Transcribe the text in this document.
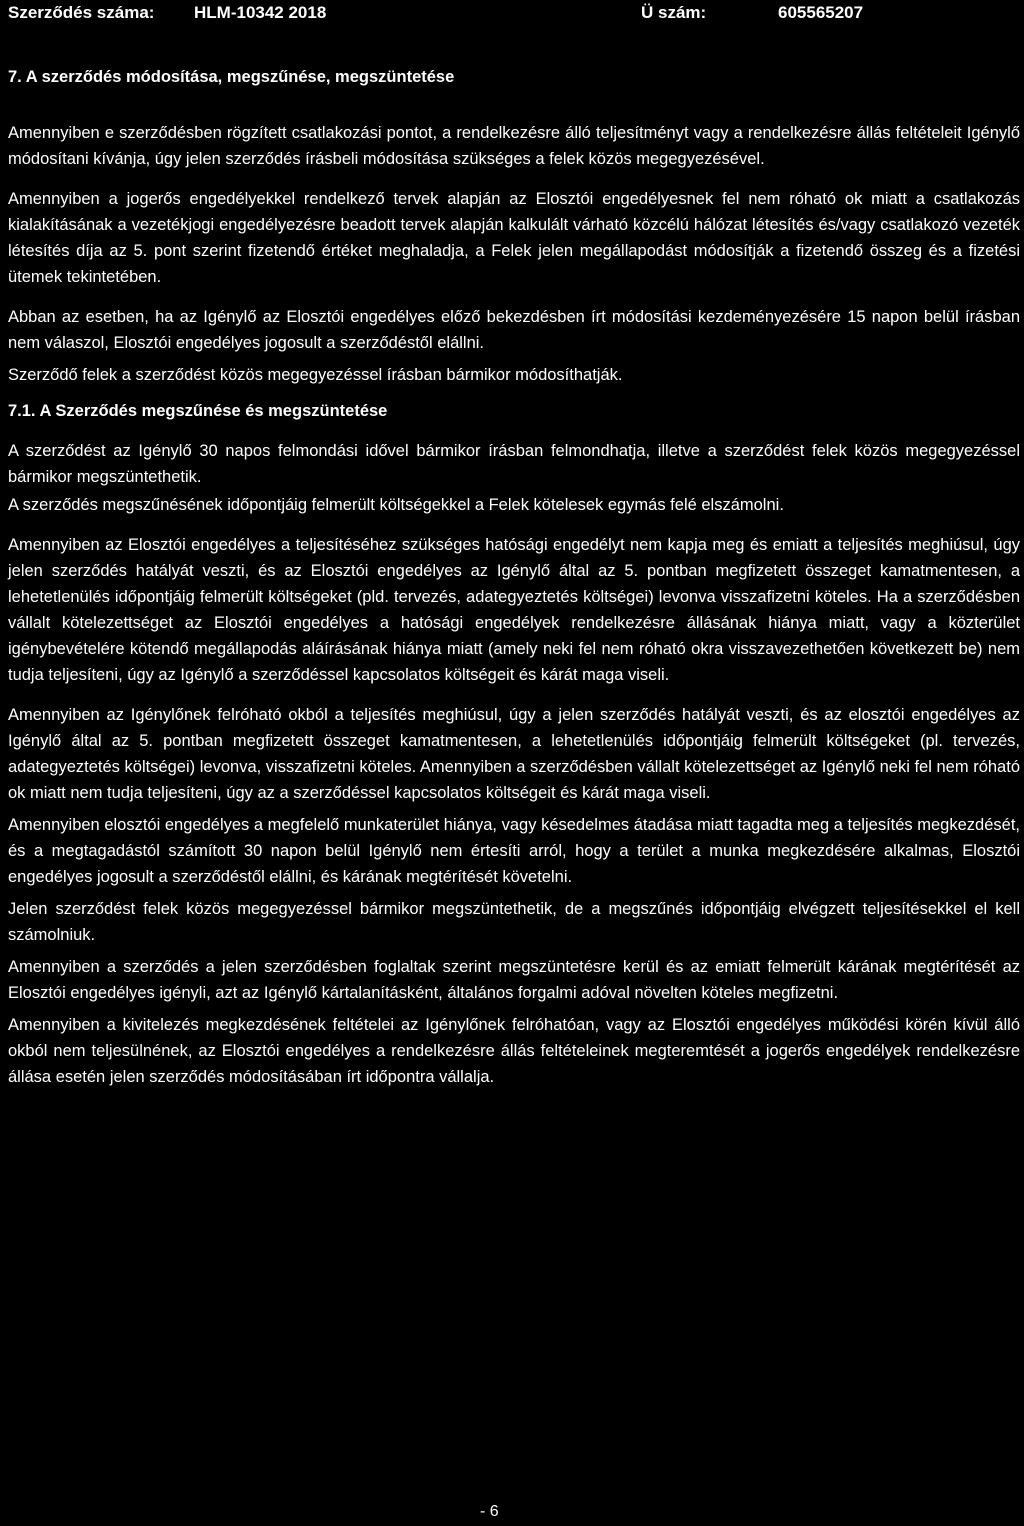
Szerződés száma: HLM-10342 2018	Ü szám:	605565207
7. A szerződés módosítása, megszűnése, megszüntetése

Amennyiben e szerződésben rögzített csatlakozási pontot, a rendelkezésre álló teljesítményt vagy a rendelkezésre állás feltételeit Igénylő módosítani kívánja, úgy jelen szerződés írásbeli módosítása szükséges a felek közös megegyezésével.

Amennyiben a jogerős engedélyekkel rendelkező tervek alapján az Elosztói engedélyesnek fel nem róható ok miatt a csatlakozás kialakításának a vezetékjogi engedélyezésre beadott tervek alapján kalkulált várható közcélú hálózat létesítés és/vagy csatlakozó vezeték létesítés díja az 5. pont szerint fizetendő értéket meghaladja, a Felek jelen megállapodást módosítják a fizetendő összeg és a fizetési ütemek tekintetében.

Abban az esetben, ha az Igénylő az Elosztói engedélyes előző bekezdésben írt módosítási kezdeményezésére 15 napon belül írásban nem válaszol, Elosztói engedélyes jogosult a szerződéstől elállni.

Szerződő felek a szerződést közös megegyezéssel írásban bármikor módosíthatják.

7.1. A Szerződés megszűnése és megszüntetése

A szerződést az Igénylő 30 napos felmondási idővel bármikor írásban felmondhatja, illetve a szerződést felek közös megegyezéssel bármikor megszüntethetik.

A szerződés megszűnésének időpontjáig felmerült költségekkel a Felek kötelesek egymás felé elszámolni.

Amennyiben az Elosztói engedélyes a teljesítéséhez szükséges hatósági engedélyt nem kapja meg és emiatt a teljesítés meghiúsul, úgy jelen szerződés hatályát veszti, és az Elosztói engedélyes az Igénylő által az 5. pontban megfizetett összeget kamatmentesen, a lehetetlenülés időpontjáig felmerült költségeket (pld. tervezés, adategyeztetés költségei) levonva visszafizetni köteles. Ha a szerződésben vállalt kötelezettséget az Elosztói engedélyes a hatósági engedélyek rendelkezésre állásának hiánya miatt, vagy a közterület igénybevételére kötendő megállapodás aláírásának hiánya miatt (amely neki fel nem róható okra visszavezethetően következett be) nem tudja teljesíteni, úgy az Igénylő a szerződéssel kapcsolatos költségeit és kárát maga viseli.

Amennyiben az Igénylőnek felróható okból a teljesítés meghiúsul, úgy a jelen szerződés hatályát veszti, és az elosztói engedélyes az Igénylő által az 5. pontban megfizetett összeget kamatmentesen, a lehetetlenülés időpontjáig felmerült költségeket (pl. tervezés, adategyeztetés költségei) levonva, visszafizetni köteles. Amennyiben a szerződésben vállalt kötelezettséget az Igénylő neki fel nem róható ok miatt nem tudja teljesíteni, úgy az a szerződéssel kapcsolatos költségeit és kárát maga viseli.

Amennyiben elosztói engedélyes a megfelelő munkaterület hiánya, vagy késedelmes átadása miatt tagadta meg a teljesítés megkezdését, és a megtagadástól számított 30 napon belül Igénylő nem értesíti arról, hogy a terület a munka megkezdésére alkalmas, Elosztói engedélyes jogosult a szerződéstől elállni, és kárának megtérítését követelni.

Jelen szerződést felek közös megegyezéssel bármikor megszüntethetik, de a megszűnés időpontjáig elvégzett teljesítésekkel el kell számolniuk.

Amennyiben a szerződés a jelen szerződésben foglaltak szerint megszüntetésre kerül és az emiatt felmerült kárának megtérítését az Elosztói engedélyes igényli, azt az Igénylő kártalanításként, általános forgalmi adóval növelten köteles megfizetni.

Amennyiben a kivitelezés megkezdésének feltételei az Igénylőnek felróhatóan, vagy az Elosztói engedélyes működési körén kívül álló okból nem teljesülnének, az Elosztói engedélyes a rendelkezésre állás feltételeinek megteremtését a jogerős engedélyek rendelkezésre állása esetén jelen szerződés módosításában írt időpontra vállalja.

- 6
